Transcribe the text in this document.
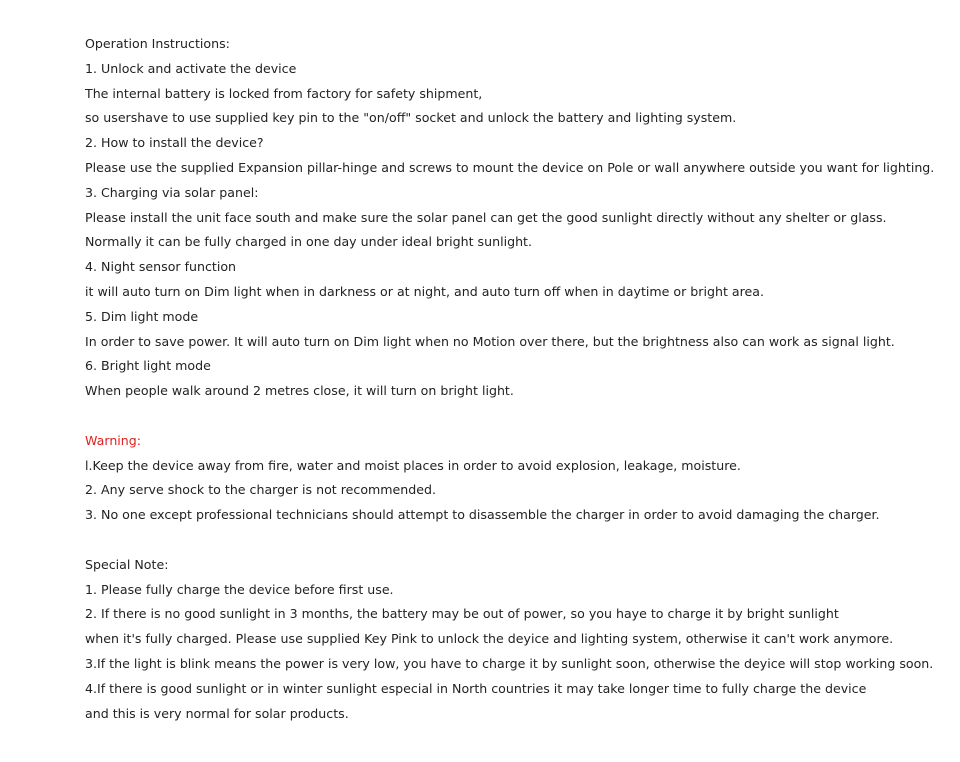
Operation Instructions:
1. Unlock and activate the device
The internal battery is locked from factory for safety shipment,
so usershave to use supplied key pin to the "on/off" socket and unlock the battery and lighting system.
2. How to install the device?
Please use the supplied Expansion pillar-hinge and screws to mount the device on Pole or wall anywhere outside you want for lighting.
3. Charging via solar panel:
Please install the unit face south and make sure the solar panel can get the good sunlight directly without any shelter or glass.
Normally it can be fully charged in one day under ideal bright sunlight.
4. Night sensor function
it will auto turn on Dim light when in darkness or at night, and auto turn off when in daytime or bright area.
5. Dim light mode
In order to save power. It will auto turn on Dim light when no Motion over there, but the brightness also can work as signal light.
6. Bright light mode
When people walk around 2 metres close, it will turn on bright light.
Warning:
l.Keep the device away from fire, water and moist places in order to avoid explosion, leakage, moisture.
2. Any serve shock to the charger is not recommended.
3. No one except professional technicians should attempt to disassemble the charger in order to avoid damaging the charger.
Special Note:
1. Please fully charge the device before first use.
2. If there is no good sunlight in 3 months, the battery may be out of power, so you haye to charge it by bright sunlight
when it's fully charged. Please use supplied Key Pink to unlock the deyice and lighting system, otherwise it can't work anymore.
3.If the light is blink means the power is very low, you have to charge it by sunlight soon, otherwise the deyice will stop working soon.
4.If there is good sunlight or in winter sunlight especial in North countries it may take longer time to fully charge the device
and this is very normal for solar products.
